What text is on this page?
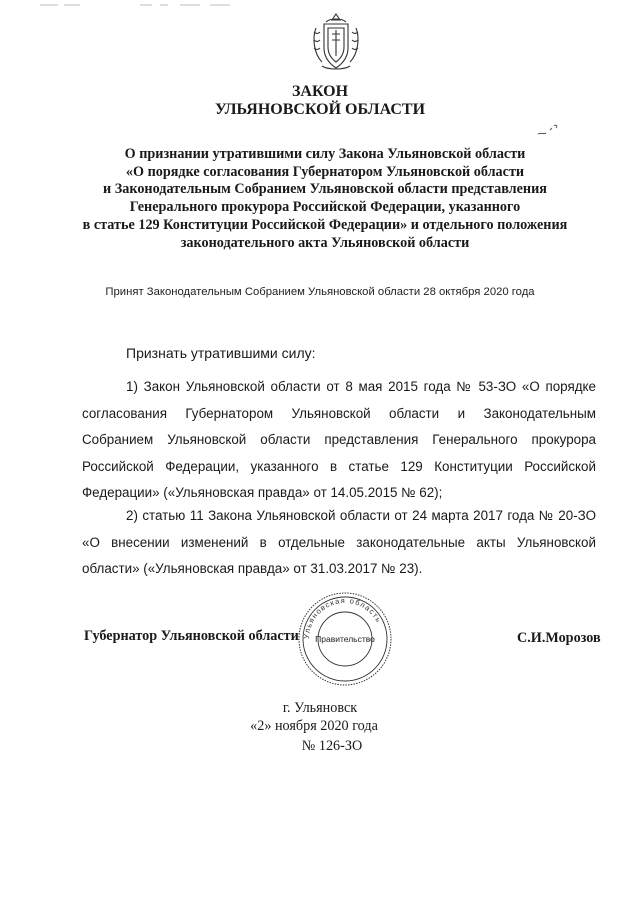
ЗАКОН
УЛЬЯНОВСКОЙ ОБЛАСТИ
О признании утратившими силу Закона Ульяновской области
«О порядке согласования Губернатором Ульяновской области
и Законодательным Собранием Ульяновской области представления
Генерального прокурора Российской Федерации, указанного
в статье 129 Конституции Российской Федерации» и отдельного положения
законодательного акта Ульяновской области
Принят Законодательным Собранием Ульяновской области 28 октября 2020 года
Признать утратившими силу:
1) Закон Ульяновской области от 8 мая 2015 года № 53-ЗО «О порядке согласования Губернатором Ульяновской области и Законодательным Собранием Ульяновской области представления Генерального прокурора Российской Федерации, указанного в статье 129 Конституции Российской Федерации» («Ульяновская правда» от 14.05.2015 № 62);
2) статью 11 Закона Ульяновской области от 24 марта 2017 года № 20-ЗО «О внесении изменений в отдельные законодательные акты Ульяновской области» («Ульяновская правда» от 31.03.2017 № 23).
Ульяновская область
Правительство
Губернатор Ульяновской области	С.И.Морозов
г. Ульяновск
«2» ноября 2020 года
№ 126-ЗО
